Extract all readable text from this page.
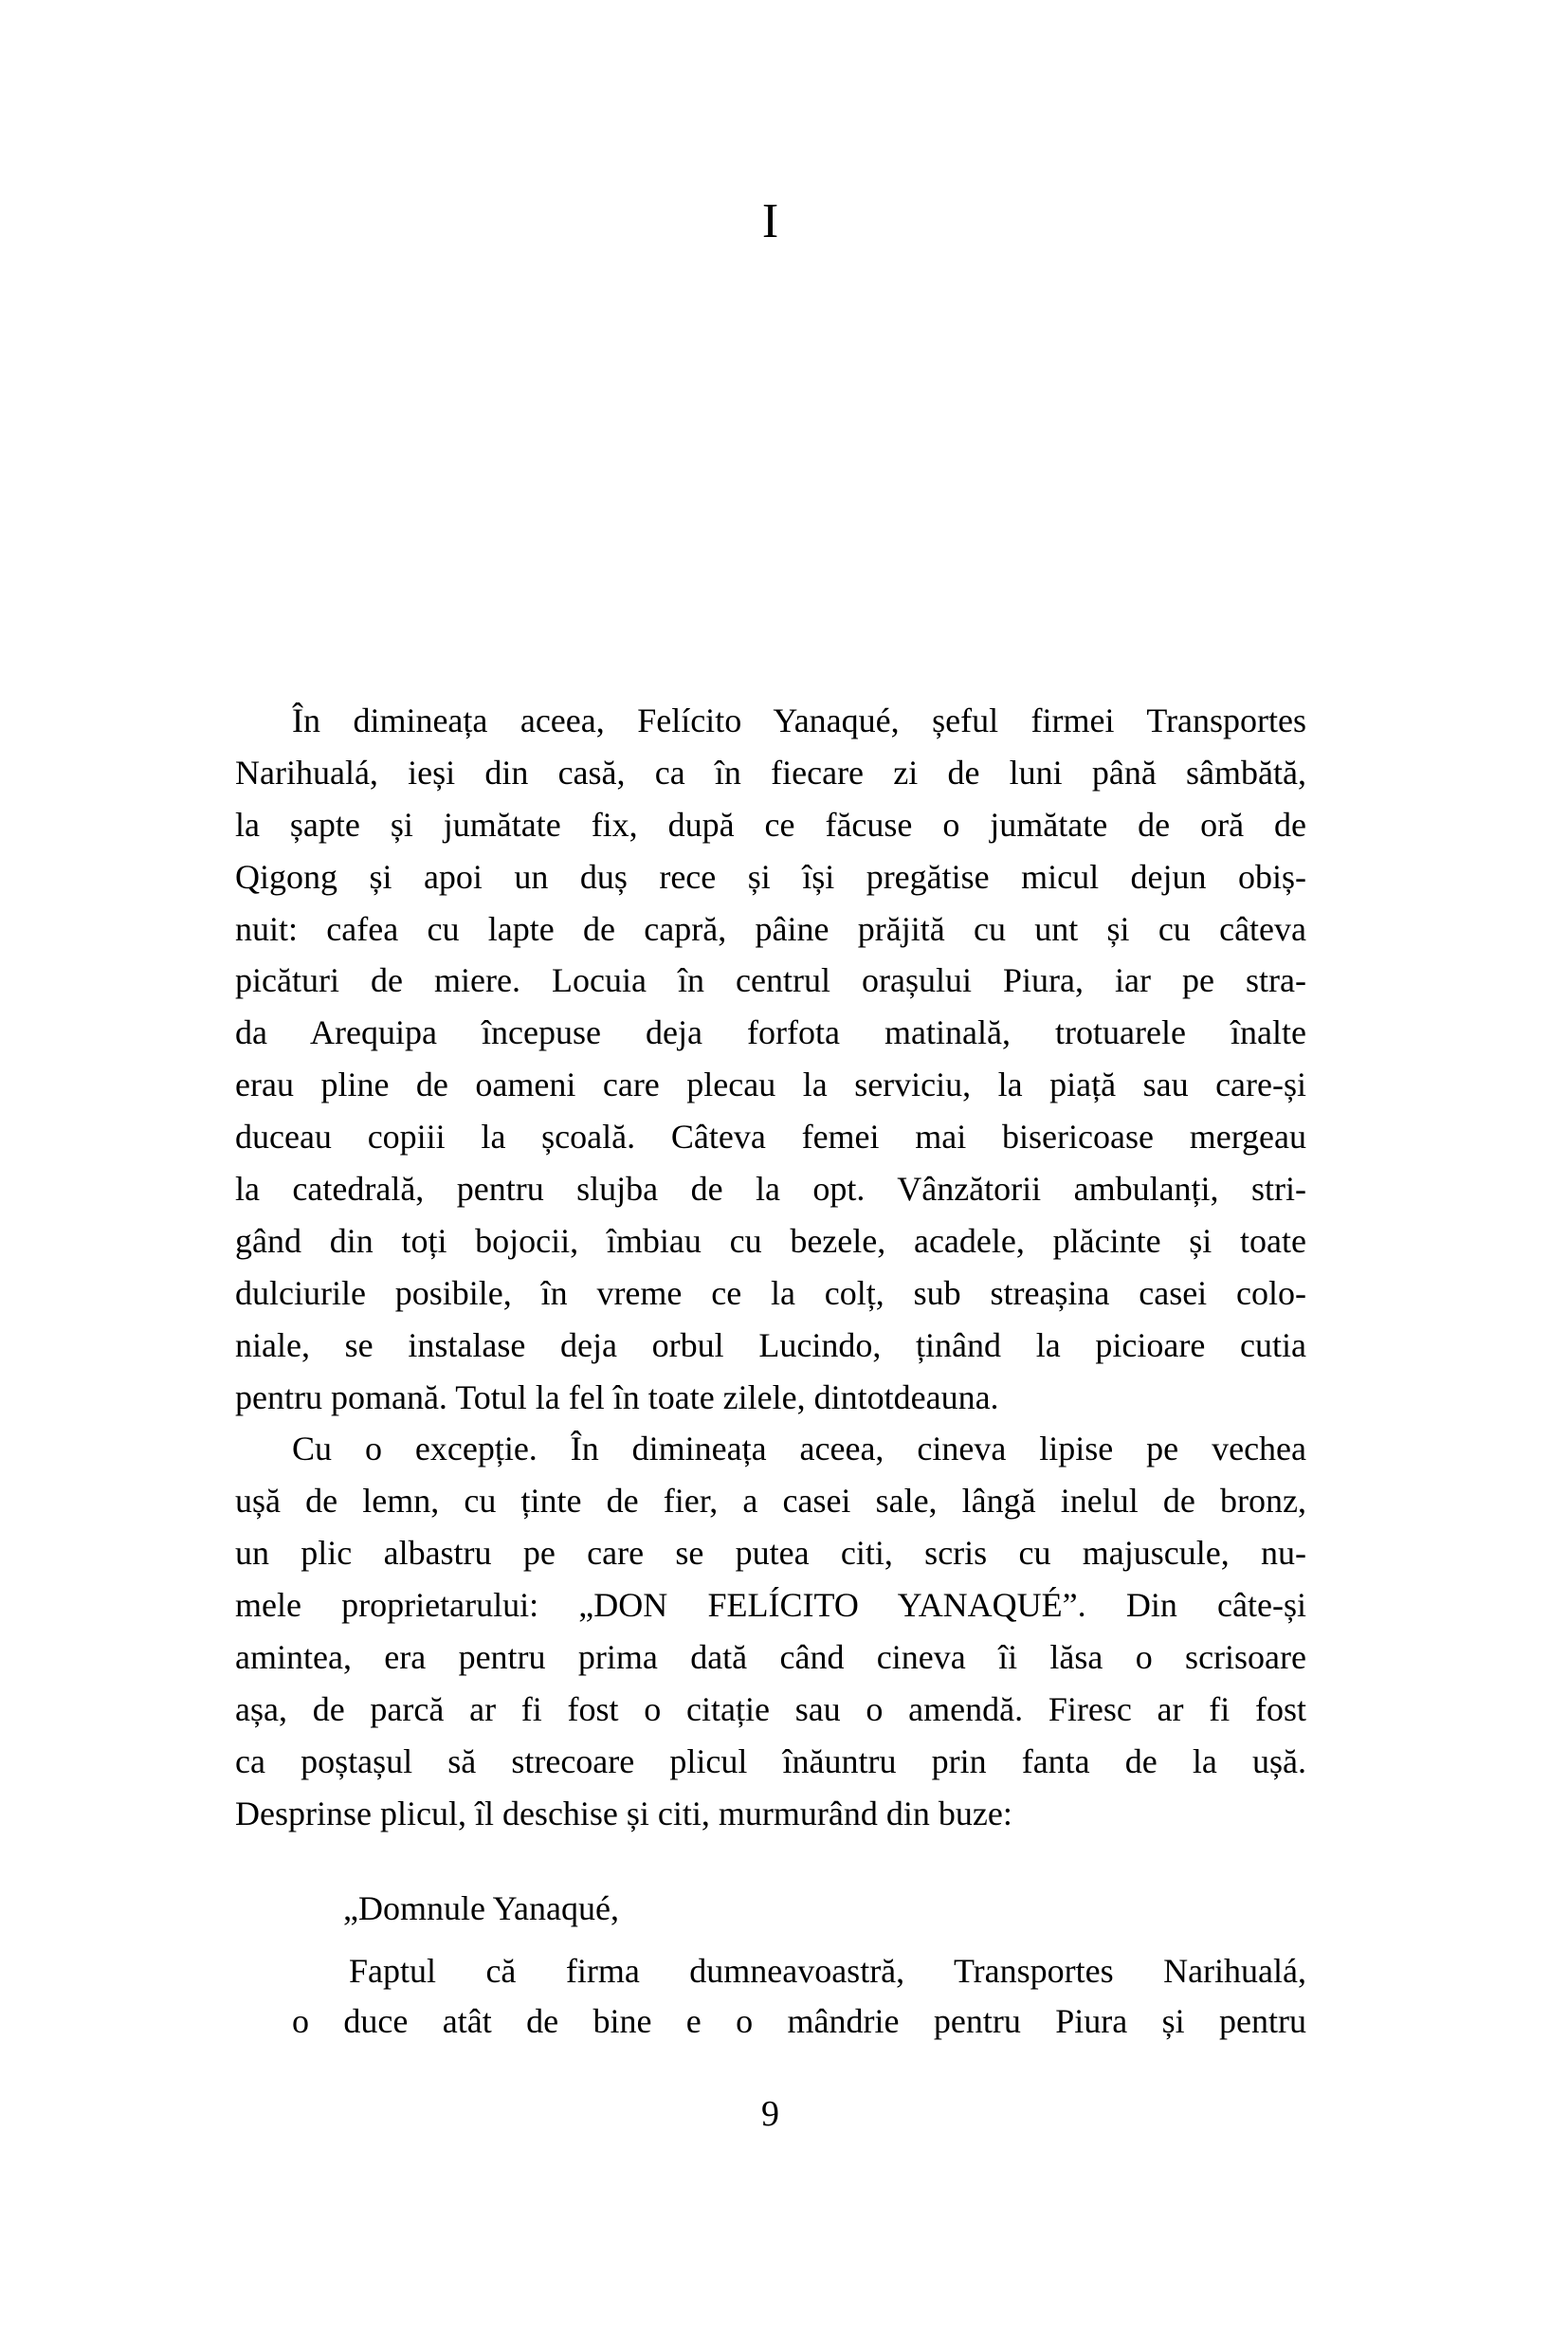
I
În dimineața aceea, Felícito Yanaqué, șeful firmei Transportes
Narihualá, ieși din casă, ca în fiecare zi de luni până sâmbătă,
la șapte și jumătate fix, după ce făcuse o jumătate de oră de
Qigong și apoi un duș rece și își pregătise micul dejun obiș-
nuit: cafea cu lapte de capră, pâine prăjită cu unt și cu câteva
picături de miere. Locuia în centrul orașului Piura, iar pe stra-
da Arequipa începuse deja forfota matinală, trotuarele înalte
erau pline de oameni care plecau la serviciu, la piață sau care-și
duceau copiii la școală. Câteva femei mai bisericoase mergeau
la catedrală, pentru slujba de la opt. Vânzătorii ambulanți, stri-
gând din toți bojocii, îmbiau cu bezele, acadele, plăcinte și toate
dulciurile posibile, în vreme ce la colț, sub streașina casei colo-
niale, se instalase deja orbul Lucindo, ținând la picioare cutia
pentru pomană. Totul la fel în toate zilele, dintotdeauna.
Cu o excepție. În dimineața aceea, cineva lipise pe vechea
ușă de lemn, cu ținte de fier, a casei sale, lângă inelul de bronz,
un plic albastru pe care se putea citi, scris cu majuscule, nu-
mele proprietarului: „DON FELÍCITO YANAQUÉ”. Din câte-și
amintea, era pentru prima dată când cineva îi lăsa o scrisoare
așa, de parcă ar fi fost o citație sau o amendă. Firesc ar fi fost
ca poștașul să strecoare plicul înăuntru prin fanta de la ușă.
Desprinse plicul, îl deschise și citi, murmurând din buze:
„Domnule Yanaqué,
Faptul că firma dumneavoastră, Transportes Narihualá,
o duce atât de bine e o mândrie pentru Piura și pentru
9
